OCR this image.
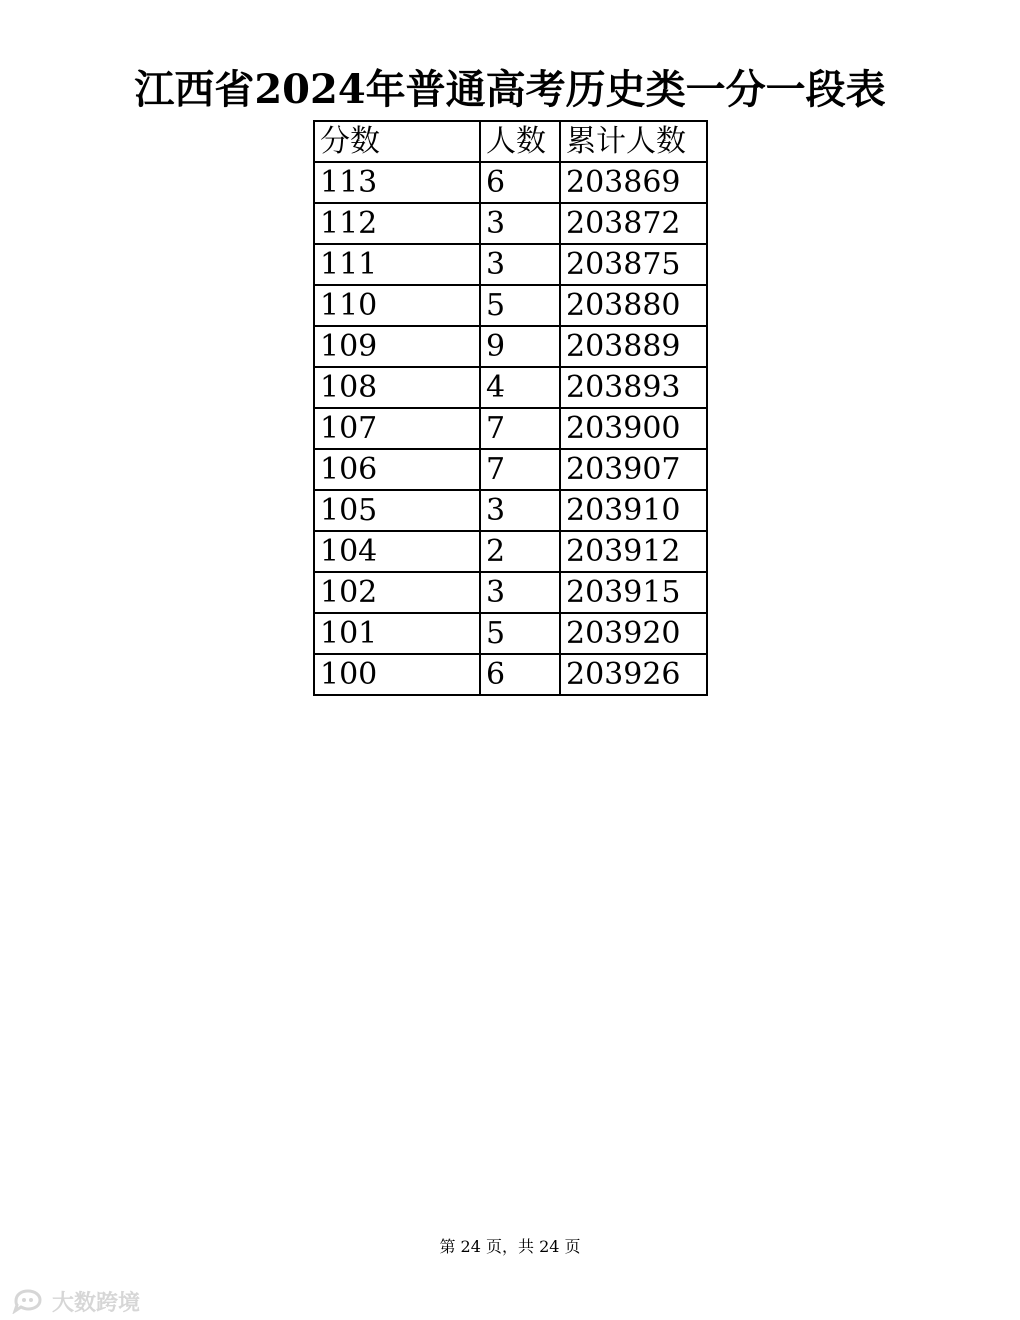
江西省2024年普通高考历史类一分一段表
分数	人数	累计人数
113	6	203869
112	3	203872
111	3	203875
110	5	203880
109	9	203889
108	4	203893
107	7	203900
106	7	203907
105	3	203910
104	2	203912
102	3	203915
101	5	203920
100	6	203926
第 24 页，共 24 页
大数跨境
